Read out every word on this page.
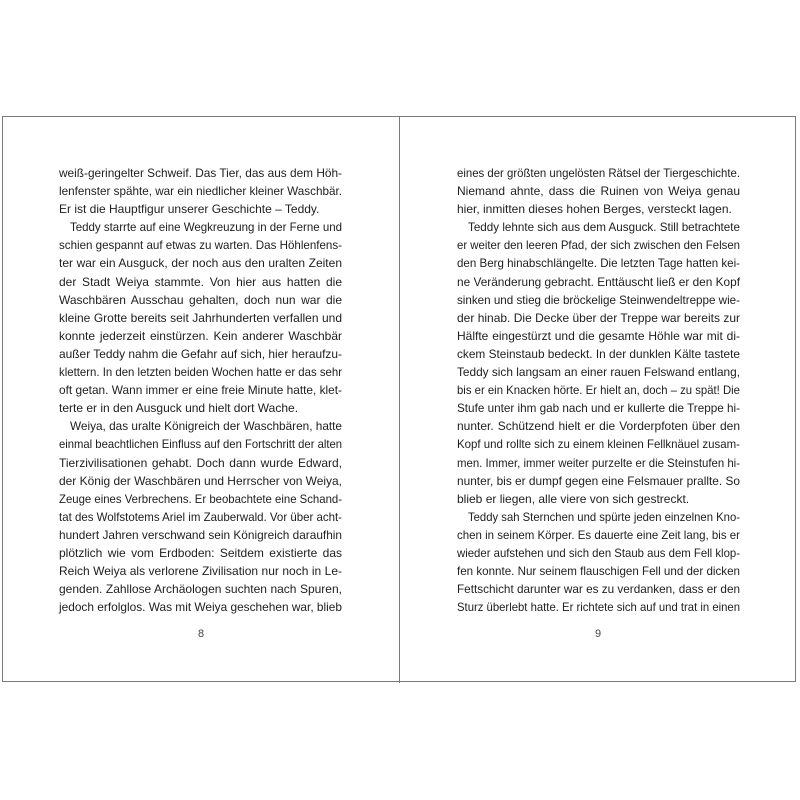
weiß-geringelter Schweif. Das Tier, das aus dem Höh-
lenfenster spähte, war ein niedlicher kleiner Waschbär.
Er ist die Hauptfigur unserer Geschichte – Teddy.
Teddy starrte auf eine Wegkreuzung in der Ferne und
schien gespannt auf etwas zu warten. Das Höhlenfens-
ter war ein Ausguck, der noch aus den uralten Zeiten
der Stadt Weiya stammte. Von hier aus hatten die
Waschbären Ausschau gehalten, doch nun war die
kleine Grotte bereits seit Jahrhunderten verfallen und
konnte jederzeit einstürzen. Kein anderer Waschbär
außer Teddy nahm die Gefahr auf sich, hier heraufzu-
klettern. In den letzten beiden Wochen hatte er das sehr
oft getan. Wann immer er eine freie Minute hatte, klet-
terte er in den Ausguck und hielt dort Wache.
Weiya, das uralte Königreich der Waschbären, hatte
einmal beachtlichen Einfluss auf den Fortschritt der alten
Tierzivilisationen gehabt. Doch dann wurde Edward,
der König der Waschbären und Herrscher von Weiya,
Zeuge eines Verbrechens. Er beobachtete eine Schand-
tat des Wolfstotems Ariel im Zauberwald. Vor über acht-
hundert Jahren verschwand sein Königreich daraufhin
plötzlich wie vom Erdboden: Seitdem existierte das
Reich Weiya als verlorene Zivilisation nur noch in Le-
genden. Zahllose Archäologen suchten nach Spuren,
jedoch erfolglos. Was mit Weiya geschehen war, blieb
eines der größten ungelösten Rätsel der Tiergeschichte.
Niemand ahnte, dass die Ruinen von Weiya genau
hier, inmitten dieses hohen Berges, versteckt lagen.
Teddy lehnte sich aus dem Ausguck. Still betrachtete
er weiter den leeren Pfad, der sich zwischen den Felsen
den Berg hinabschlängelte. Die letzten Tage hatten kei-
ne Veränderung gebracht. Enttäuscht ließ er den Kopf
sinken und stieg die bröckelige Steinwendeltreppe wie-
der hinab. Die Decke über der Treppe war bereits zur
Hälfte eingestürzt und die gesamte Höhle war mit di-
ckem Steinstaub bedeckt. In der dunklen Kälte tastete
Teddy sich langsam an einer rauen Felswand entlang,
bis er ein Knacken hörte. Er hielt an, doch – zu spät! Die
Stufe unter ihm gab nach und er kullerte die Treppe hi-
nunter. Schützend hielt er die Vorderpfoten über den
Kopf und rollte sich zu einem kleinen Fellknäuel zusam-
men. Immer, immer weiter purzelte er die Steinstufen hi-
nunter, bis er dumpf gegen eine Felsmauer prallte. So
blieb er liegen, alle viere von sich gestreckt.
Teddy sah Sternchen und spürte jeden einzelnen Kno-
chen in seinem Körper. Es dauerte eine Zeit lang, bis er
wieder aufstehen und sich den Staub aus dem Fell klop-
fen konnte. Nur seinem flauschigen Fell und der dicken
Fettschicht darunter war es zu verdanken, dass er den
Sturz überlebt hatte. Er richtete sich auf und trat in einen
8	9
